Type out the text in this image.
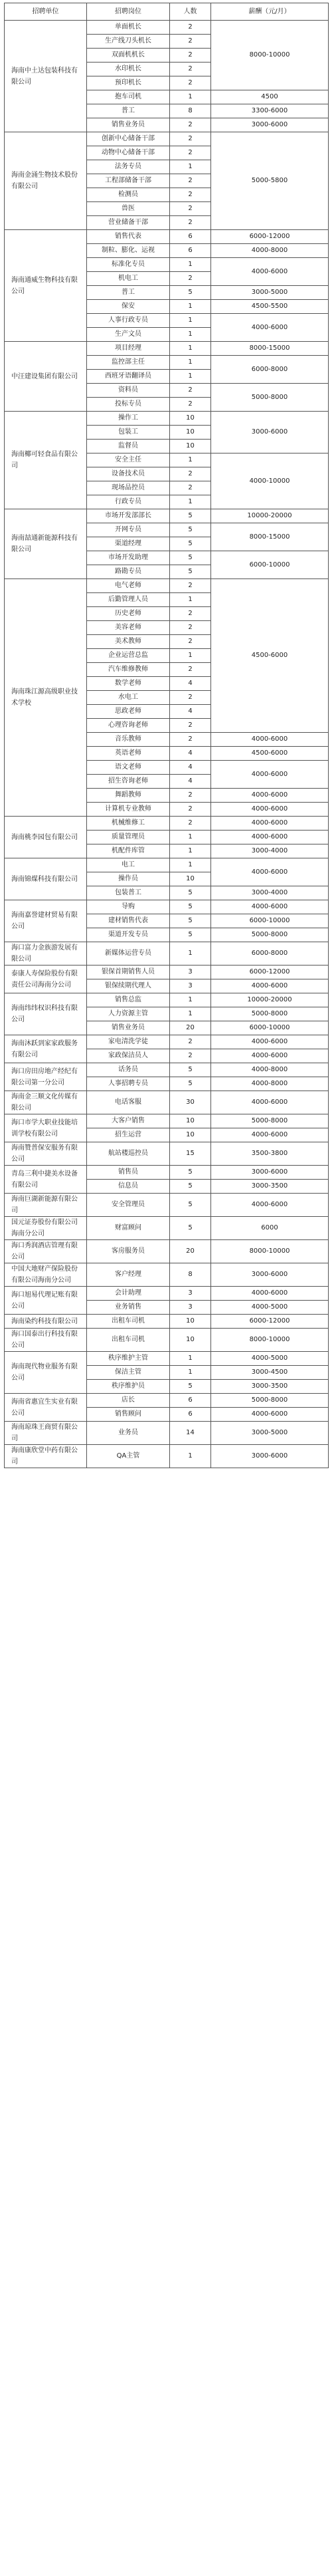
招聘单位	招聘岗位	人数	薪酬（元/月）
海南中土达包装科技有限公司	单面机长	2	8000-10000
	生产线刀头机长	2	
	双面机机长	2	
	水印机长	2	
	预印机长	2	
	抱车司机	1	4500
	普工	8	3300-6000
	销售业务员	2	3000-6000
海南金涌生物技术股份有限公司	创新中心储备干部	2	5000-5800
	动物中心储备干部	2	
	法务专员	1	
	工程部储备干部	2	
	检测员	2	
	兽医	2	
	营业储备干部	2	
海南通威生物科技有限公司	销售代表	6	6000-12000
	制粒、膨化、运视	6	4000-8000
	标准化专员	1	4000-6000
	机电工	2	
	普工	5	3000-5000
	保安	1	4500-5500
	人事行政专员	1	4000-6000
	生产文员	1	
中汪建设集团有限公司	项目经理	1	8000-15000
	监控部主任	1	6000-8000
	西班牙语翻译员	1	
	资料员	2	5000-8000
	投标专员	2	
海南椰可轻食品有限公司	操作工	10	3000-6000
	包装工	10	
	监督员	10	
	安全主任	1	4000-10000
	设备技术员	2	
	现场品控员	2	
	行政专员	1	
海南喆通新能源科技有限公司	市场开发部部长	5	10000-20000
	开网专员	5	8000-15000
	渠道经理	5	
	市场开发助理	5	6000-10000
	路勘专员	5	
海南珠江源高级职业技术学校	电气老师	2	4500-6000
	后勤管理人员	1	
	历史老师	2	
	美容老师	2	
	美术教师	2	
	企业运营总监	1	
	汽车维修教师	2	
	数学老师	4	
	水电工	2	
	思政老师	4	
	心理咨询老师	2	
	音乐教师	2	4000-6000
	英语老师	4	4500-6000
	语文老师	4	4000-6000
	招生咨询老师	4	
	舞蹈教师	2	4000-6000
	计算机专业教师	2	4000-6000
海南桃李园包有限公司	机械维修工	2	4000-6000
	质量管理员	1	4000-6000
	机配件库管	1	3000-4000
海南锦煤科技有限公司	电工	1	4000-6000
	操作员	10	
	包装普工	5	3000-4000
海南嘉誉建材贸易有限公司	导购	5	4000-6000
	建材销售代表	5	6000-10000
	渠道开发专员	5	5000-8000
海口富力金族游发展有限公司	新媒体运营专员	1	6000-8000
泰康人寿保险股份有限责任公司海南分公司	银保首期销售人员	3	6000-12000
	银保续期代理人	3	4000-6000
海南纬纬权识科技有限公司	销售总监	1	10000-20000
	人力资源主管	1	5000-8000
	销售业务员	20	6000-10000
海南沐跃到家家政服务有限公司	家电清洗学徒	2	4000-6000
	家政保洁员人	2	4000-6000
海口房田房地产经纪有限公司第一分公司	话务员	5	4000-8000
	人事招聘专员	5	4000-8000
海南金三顺文化传媒有限公司	电话客服	30	4000-6000
海口市学大职业技能培训学校有限公司	大客户销售	10	5000-8000
	招生运营	10	4000-6000
海南赞普保安服务有限公司	航站楼巡控员	15	3500-3800
青岛三利中捷美水设备有限公司	销售员	5	3000-6000
	信息员	5	3000-3500
海南巨湖新能源有限公司	安全管理员	5	4000-6000
国元证券股份有限公司海南分公司	财富顾问	5	6000
海口秀润酒店管理有限公司	客房服务员	20	8000-10000
中国大地财产保险股份有限公司海南分公司	客户经理	8	3000-6000
海口旭易代理记账有限公司	会计助理	3	4000-6000
	业务销售	3	4000-5000
海南染约科技有限公司	出租车司机	10	6000-12000
海口国泰出行科技有限公司	出租车司机	10	8000-10000
海南现代物业服务有限公司	秩序维护主管	1	4000-5000
	保洁主管	1	3000-4500
	秩序维护员	5	3000-3500
海南省惠宜生实业有限公司	店长	6	5000-8000
	销售顾问	6	4000-6000
海南琼珠王商贸有限公司	业务员	14	3000-5000
海南康欣堂中药有限公司	QA主管	1	3000-6000
